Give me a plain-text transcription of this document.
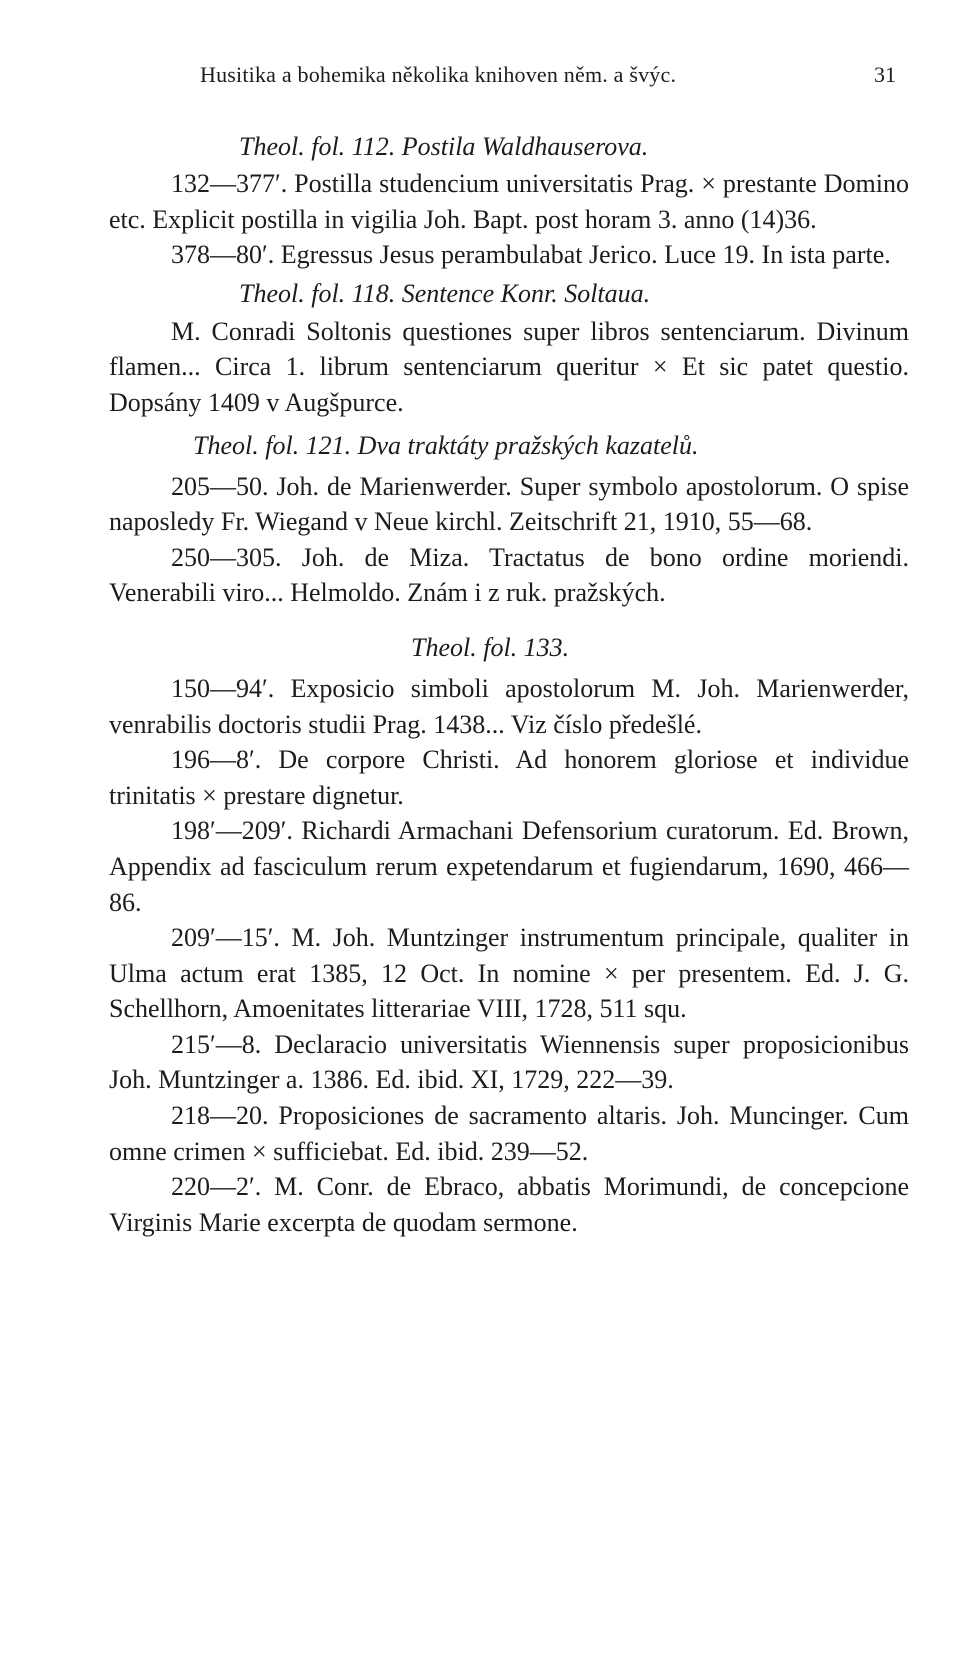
Husitika a bohemika několika knihoven něm. a švýc.	31
Theol. fol. 112. Postila Waldhauserova.

132—377′. Postilla studencium universitatis Prag. × prestante Domino etc. Explicit postilla in vigilia Joh. Bapt. post horam 3. anno (14)36.

378—80′. Egressus Jesus perambulabat Jerico. Luce 19. In ista parte.

Theol. fol. 118. Sentence Konr. Soltaua.

M. Conradi Soltonis questiones super libros sentenciarum. Divinum flamen... Circa 1. librum sentenciarum queritur × Et sic patet questio. Dopsány 1409 v Augšpurce.

Theol. fol. 121. Dva traktáty pražských kazatelů.

205—50. Joh. de Marienwerder. Super symbolo apostolorum. O spise naposledy Fr. Wiegand v Neue kirchl. Zeitschrift 21, 1910, 55—68.

250—305. Joh. de Miza. Tractatus de bono ordine moriendi. Venerabili viro... Helmoldo. Znám i z ruk. pražských.

Theol. fol. 133.

150—94′. Exposicio simboli apostolorum M. Joh. Marienwerder, venrabilis doctoris studii Prag. 1438... Viz číslo předešlé.

196—8′. De corpore Christi. Ad honorem gloriose et individue trinitatis × prestare dignetur.

198′—209′. Richardi Armachani Defensorium curatorum. Ed. Brown, Appendix ad fasciculum rerum expetendarum et fugiendarum, 1690, 466—86.

209′—15′. M. Joh. Muntzinger instrumentum principale, qualiter in Ulma actum erat 1385, 12 Oct. In nomine × per presentem. Ed. J. G. Schellhorn, Amoenitates litterariae VIII, 1728, 511 squ.

215′—8. Declaracio universitatis Wiennensis super proposicionibus Joh. Muntzinger a. 1386. Ed. ibid. XI, 1729, 222—39.

218—20. Proposiciones de sacramento altaris. Joh. Muncinger. Cum omne crimen × sufficiebat. Ed. ibid. 239—52.

220—2′. M. Conr. de Ebraco, abbatis Morimundi, de concepcione Virginis Marie excerpta de quodam sermone.
